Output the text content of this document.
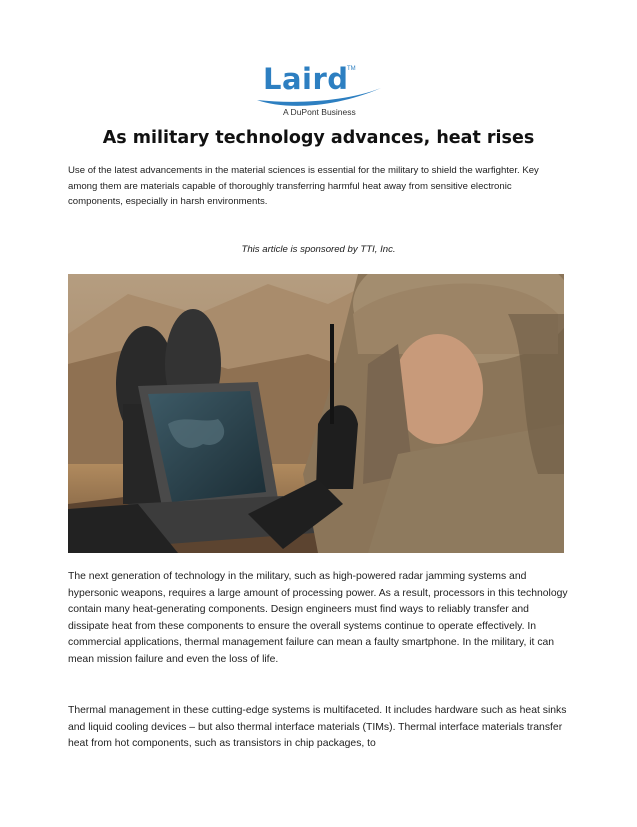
Laird
TM
A DuPont Business
As military technology advances, heat rises

Use of the latest advancements in the material sciences is essential for the military to shield the warfighter. Key among them are materials capable of thoroughly transferring harmful heat away from sensitive electronic components, especially in harsh environments.

This article is sponsored by TTI, Inc.

The next generation of technology in the military, such as high-powered radar jamming systems and hypersonic weapons, requires a large amount of processing power. As a result, processors in this technology contain many heat-generating components. Design engineers must find ways to reliably transfer and dissipate heat from these components to ensure the overall systems continue to operate effectively. In commercial applications, thermal management failure can mean a faulty smartphone. In the military, it can mean mission failure and even the loss of life.

Thermal management in these cutting-edge systems is multifaceted. It includes hardware such as heat sinks and liquid cooling devices – but also thermal interface materials (TIMs). Thermal interface materials transfer heat from hot components, such as transistors in chip packages, to
